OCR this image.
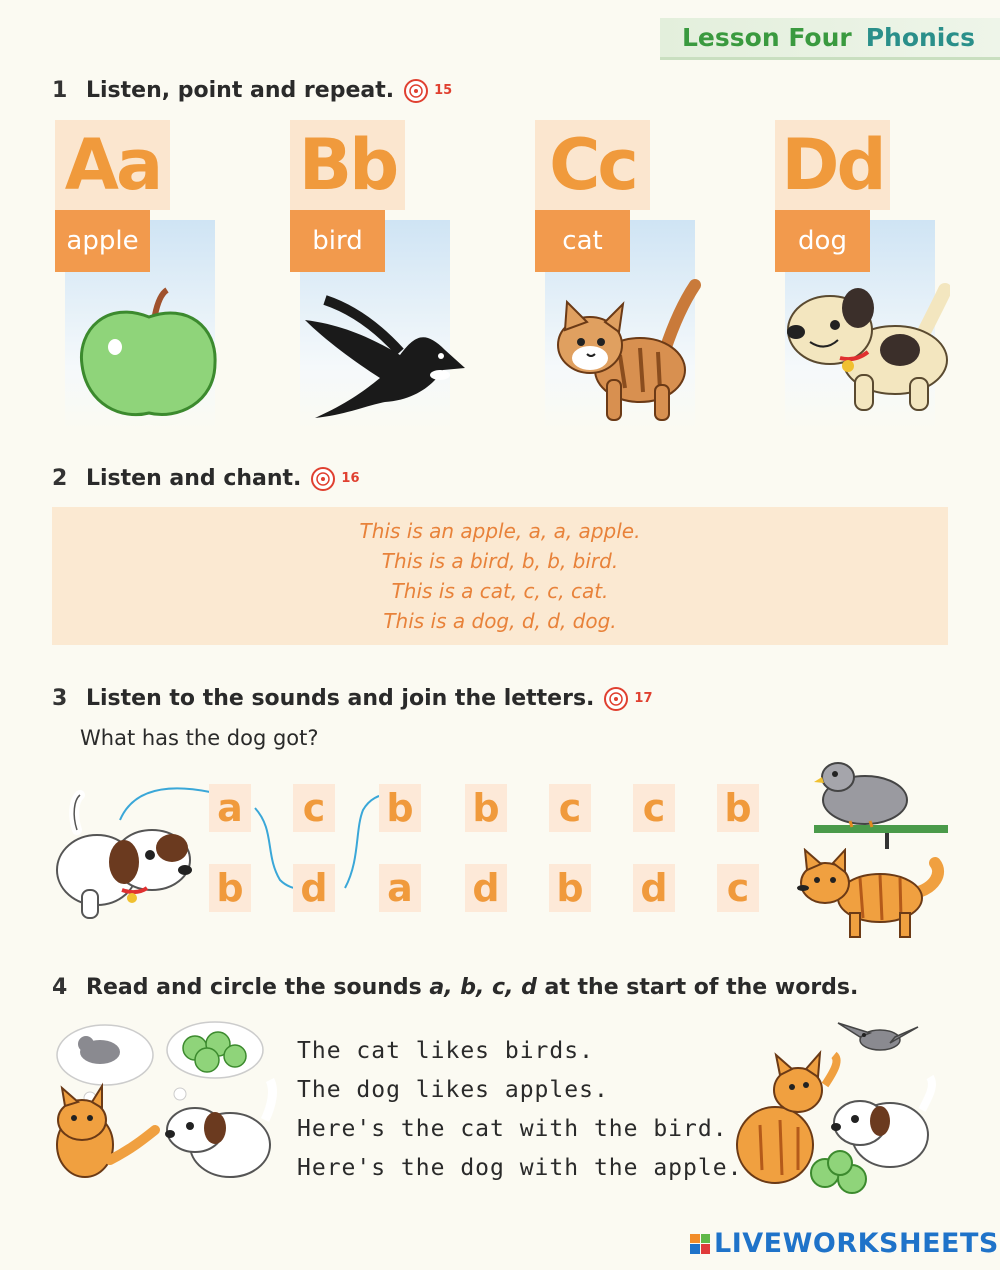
Lesson Four Phonics
1 Listen, point and repeat.	15
Aa
apple
Bb
bird
Cc
cat
Dd
dog
2 Listen and chant.	16
This is an apple, a, a, apple.
This is a bird, b, b, bird.
This is a cat, c, c, cat.
This is a dog, d, d, dog.
3 Listen to the sounds and join the letters.	17
What has the dog got?
a c b b c c b
b d a d b d c
4 Read and circle the sounds a, b, c, d at the start of the words.
The cat likes birds.
The dog likes apples.
Here's the cat with the bird.
Here's the dog with the apple.
LIVEWORKSHEETS
